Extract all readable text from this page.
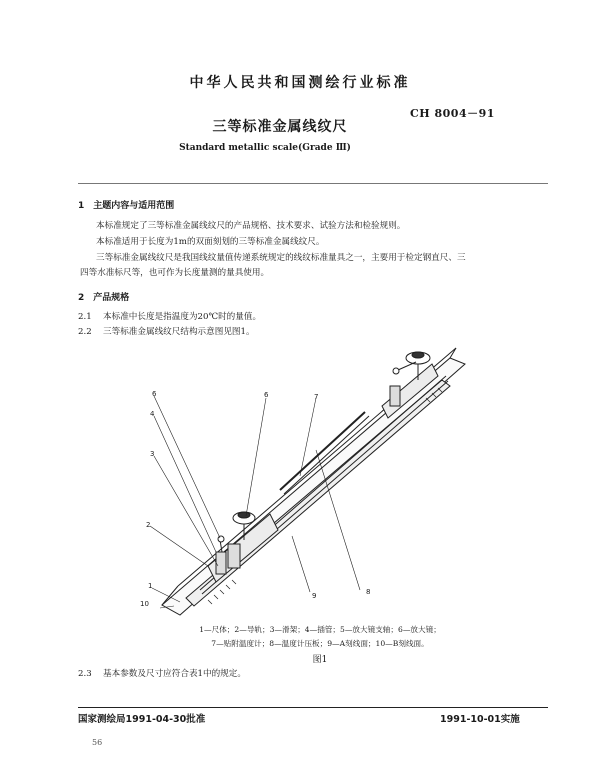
中华人民共和国测绘行业标准
三等标准金属线纹尺
CH 8004－91
Standard metallic scale(Grade Ⅲ)
1　主题内容与适用范围
本标准规定了三等标准金属线纹尺的产品规格、技术要求、试验方法和检验规则。
本标准适用于长度为1m的双面刻划的三等标准金属线纹尺。
三等标准金属线纹尺是我国线纹量值传递系统规定的线纹标准量具之一，主要用于检定钢直尺、三
四等水准标尺等，也可作为长度量测的量具使用。
2　产品规格
2.1 本标准中长度是指温度为20℃时的量值。
2.2 三等标准金属线纹尺结构示意图见图1。
6
4
3
2
1
10
6	7
8
9
1—尺体；2—导轨；3—滑架；4—插管；5—放大镜支轴；6—放大镜；
7—贴附温度计；8—温度计压板；9—A刻线面；10—B刻线面。
图1
2.3 基本参数及尺寸应符合表1中的规定。
国家测绘局1991-04-30批准	1991-10-01实施
56
